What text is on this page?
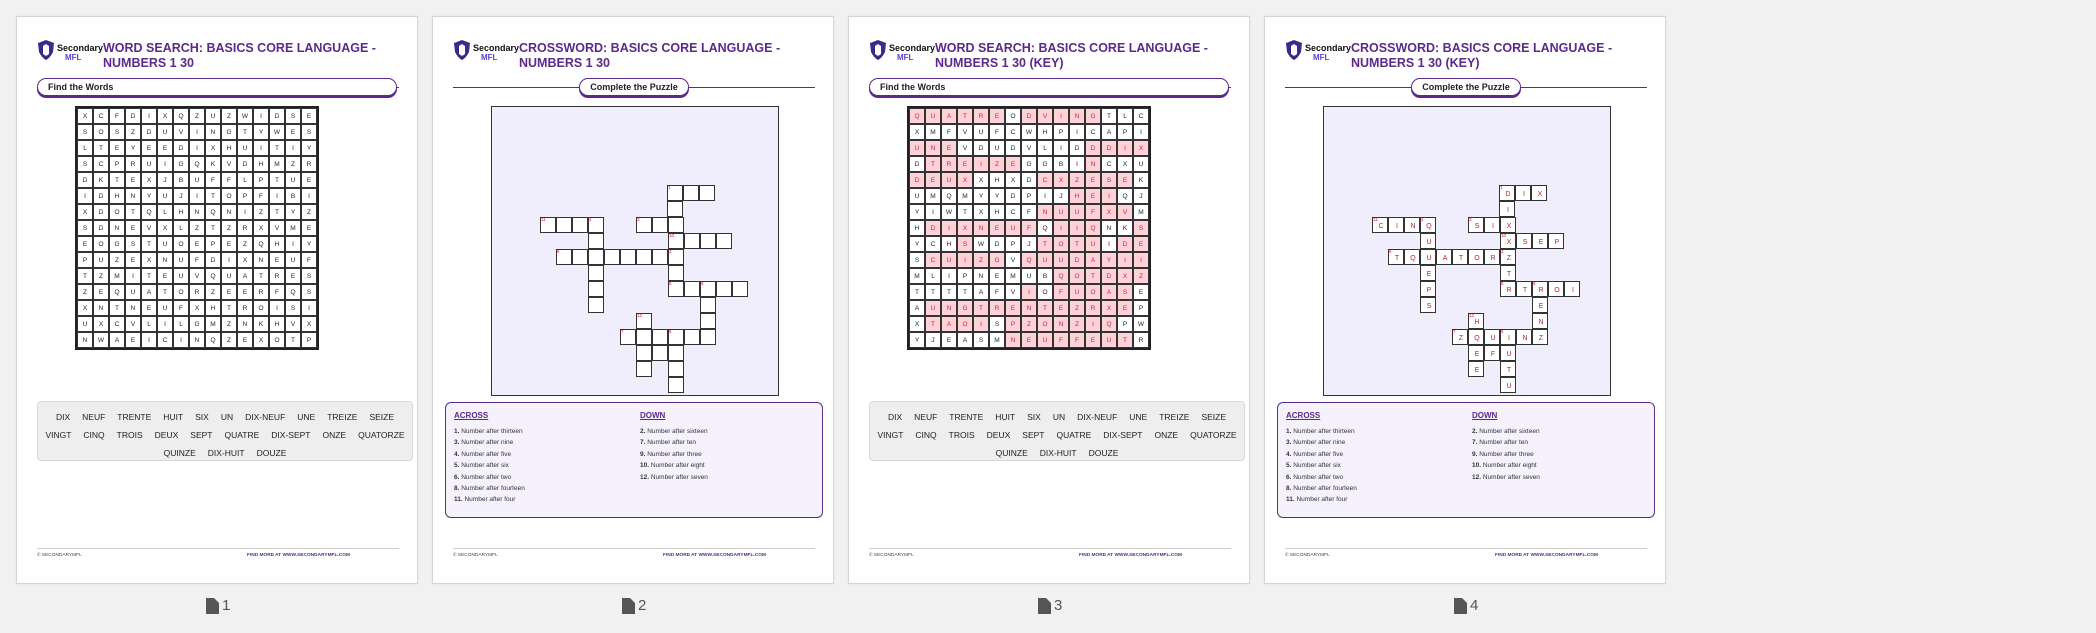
Secondary
MFL
WORD SEARCH: BASICS CORE LANGUAGE - NUMBERS 1 30
Find the Words
X	C	F	D	I	X	Q	Z	U	Z	W	I	D	S	E
S	O	S	Z	D	U	V	I	N	G	T	Y	W	E	S
L	T	E	Y	E	E	D	I	X	H	U	I	T	I	Y
S	C	P	R	U	I	G	Q	K	V	D	H	M	Z	R
D	K	T	E	X	J	B	U	F	F	L	P	T	U	E
I	D	H	N	Y	U	J	I	T	O	P	F	I	B	I
X	D	O	T	Q	L	H	N	Q	N	I	Z	T	Y	Z
S	D	N	E	V	X	L	Z	T	Z	R	X	V	M	E
E	O	G	S	T	U	O	E	P	E	Z	Q	H	I	Y
P	U	Z	E	X	N	U	F	D	I	X	N	E	U	F
T	Z	M	I	T	E	U	V	Q	U	A	T	R	E	S
Z	E	Q	U	A	T	O	R	Z	E	E	R	F	Q	S
X	N	T	N	E	U	F	X	H	T	R	O	I	S	I
U	X	C	V	L	I	L	G	M	Z	N	K	H	V	X
N	W	A	E	I	C	I	N	Q	Z	E	X	O	T	P
DIX NEUF TRENTE HUIT SIX UN DIX-NEUF UNE TREIZE SEIZE
VINGT CINQ TROIS DEUX SEPT QUATRE DIX-SEPT ONZE QUATORZE
QUINZE DIX-HUIT DOUZE
© SECONDARYMFL	FIND MORE AT WWW.SECONDARYMFL.COM
Secondary
MFL
CROSSWORD: BASICS CORE LANGUAGE - NUMBERS 1 30
Complete the Puzzle
3
11	4
1
10
2
6
5	9
12
7	8
ACROSS
1. Number after thirteen
3. Number after nine
4. Number after five
5. Number after six
6. Number after two
8. Number after fourteen
11. Number after four
DOWN
2. Number after sixteen
7. Number after ten
9. Number after three
10. Number after eight
12. Number after seven
© SECONDARYMFL	FIND MORE AT WWW.SECONDARYMFL.COM
Secondary
MFL
WORD SEARCH: BASICS CORE LANGUAGE - NUMBERS 1 30 (KEY)
Find the Words
Q	U	A	T	R	E	O	D	V	I	N	G	T	L	C
X	M	F	V	U	F	C	W	H	P	I	C	A	P	I
U	N	E	V	D	U	D	V	L	I	D	D	D	I	X
D	T	R	E	I	Z	E	G	G	B	I	N	C	X	U
D	E	U	X	X	H	X	D	C	X	Z	E	S	E	K
U	M	Q	M	Y	Y	D	P	I	J	H	E	I	Q	J
Y	I	W	T	X	H	C	F	N	U	U	F	X	V	M
H	D	I	X	N	E	U	F	Q	I	I	Q	N	K	S
Y	C	H	S	W	D	P	J	T	O	T	U	I	D	E
S	C	U	I	Z	G	V	Q	U	U	D	A	Y	I	I
M	L	I	P	N	E	M	U	B	Q	O	T	D	X	Z
T	T	T	T	A	F	V	I	O	F	U	O	A	S	E
A	U	N	G	T	R	E	N	T	E	Z	R	X	E	P
X	T	A	O	I	S	P	Z	O	N	Z	I	Q	P	W
Y	J	E	A	S	M	N	E	U	F	F	E	U	T	R
DIX NEUF TRENTE HUIT SIX UN DIX-NEUF UNE TREIZE SEIZE
VINGT CINQ TROIS DEUX SEPT QUATRE DIX-SEPT ONZE QUATORZE
QUINZE DIX-HUIT DOUZE
© SECONDARYMFL	FIND MORE AT WWW.SECONDARYMFL.COM
Secondary
MFL
CROSSWORD: BASICS CORE LANGUAGE - NUMBERS 1 30 (KEY)
Complete the Puzzle
D	I	X
I
C	I	N	Q	S	I	X
U	X	S	E	P
T	Q	U	A	T	O	R	Z
E	T
P	R	T	R	O	I
S	E
N
H
Z	Q	U	I	N	Z
E	U
E	T
U
F
3
11	4
1
10
2
6
5	9
12
7	8
ACROSS
1. Number after thirteen
3. Number after nine
4. Number after five
5. Number after six
6. Number after two
8. Number after fourteen
11. Number after four
DOWN
2. Number after sixteen
7. Number after ten
9. Number after three
10. Number after eight
12. Number after seven
© SECONDARYMFL	FIND MORE AT WWW.SECONDARYMFL.COM
1	2	3	4
